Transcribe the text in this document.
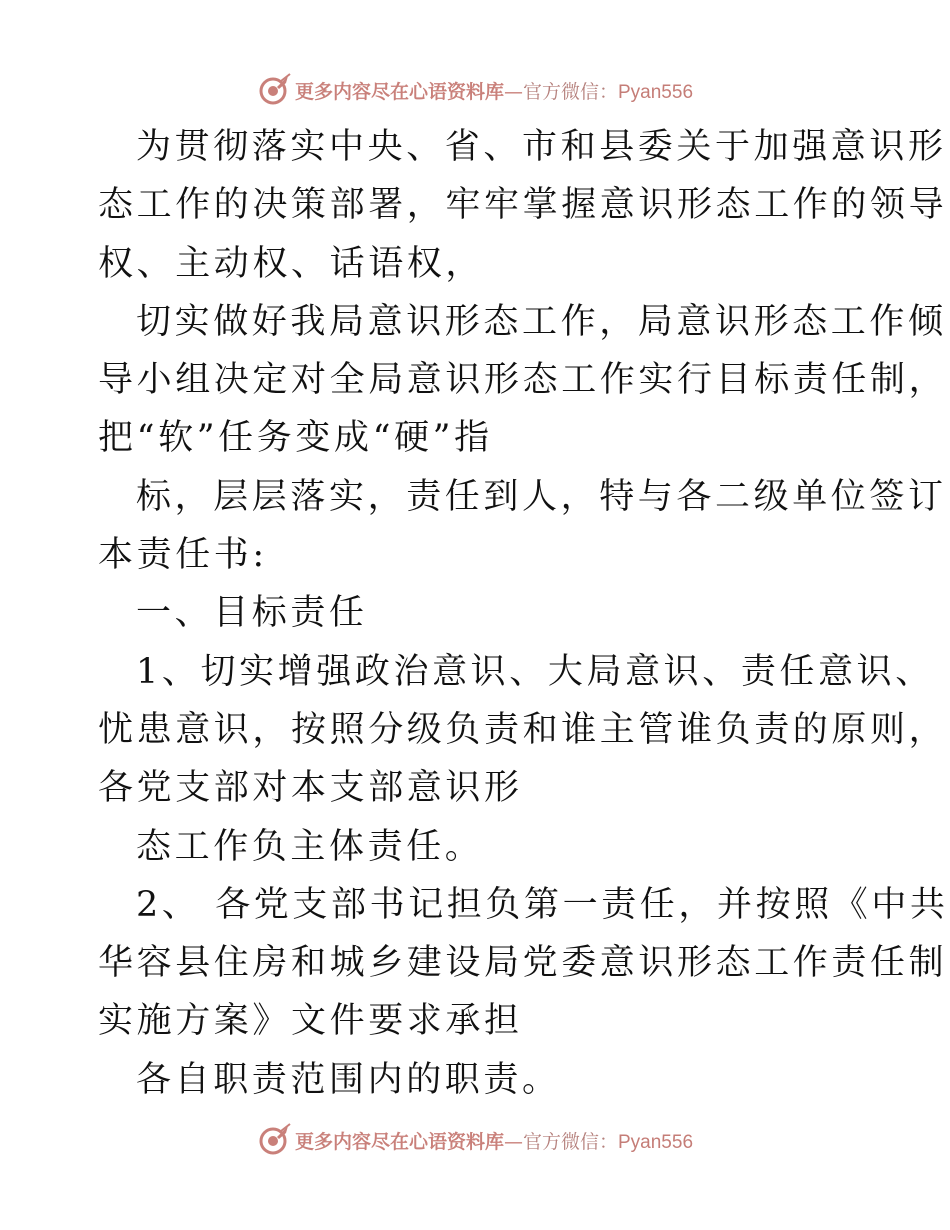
更多内容尽在心语资料库—官方微信：Pyan556
为贯彻落实中央、省、市和县委关于加强意识形
态工作的决策部署，牢牢掌握意识形态工作的领导
权、主动权、话语权，
切实做好我局意识形态工作，局意识形态工作倾
导小组决定对全局意识形态工作实行目标责任制，
把“软”任务变成“硬”指
标，层层落实，责任到人，特与各二级单位签订
本责任书:
一、目标责任
1、切实增强政治意识、大局意识、责任意识、
忧患意识，按照分级负责和谁主管谁负责的原则，
各党支部对本支部意识形
态工作负主体责任。
2、 各党支部书记担负第一责任，并按照《中共
华容县住房和城乡建设局党委意识形态工作责任制
实施方案》文件要求承担
各自职责范围内的职责。
更多内容尽在心语资料库—官方微信：Pyan556
